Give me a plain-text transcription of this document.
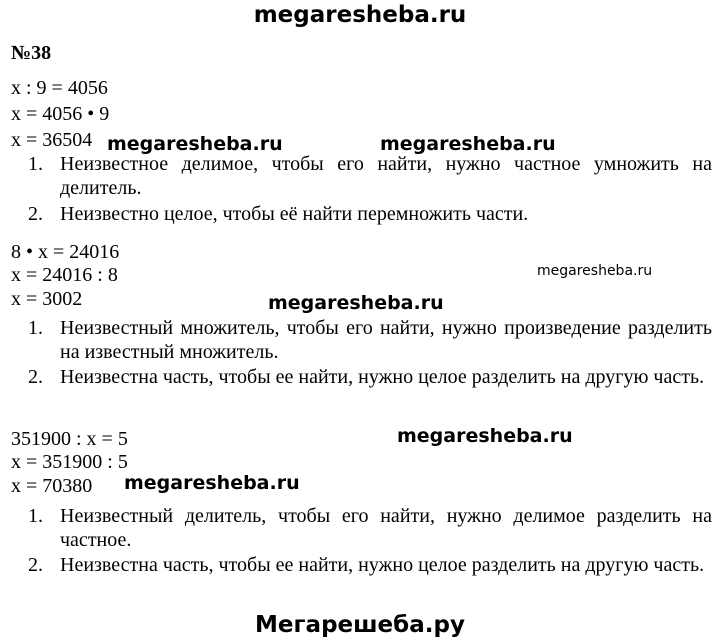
megaresheba.ru
№38
x : 9 = 4056
x = 4056 • 9
x = 36504 megaresheba.ru	megaresheba.ru
1. Неизвестное делимое, чтобы его найти, нужно частное умножить на делитель.
2. Неизвестно целое, чтобы её найти перемножить части.
8 • x = 24016
x = 24016 : 8	megaresheba.ru
x = 3002	megaresheba.ru
1. Неизвестный множитель, чтобы его найти, нужно произведение разделить на известный множитель.
2. Неизвестна часть, чтобы ее найти, нужно целое разделить на другую часть.
351900 : x = 5	megaresheba.ru
x = 351900 : 5
x = 70380 megaresheba.ru
1. Неизвестный делитель, чтобы его найти, нужно делимое разделить на частное.
2. Неизвестна часть, чтобы ее найти, нужно целое разделить на другую часть.
Мегарешеба.ру
